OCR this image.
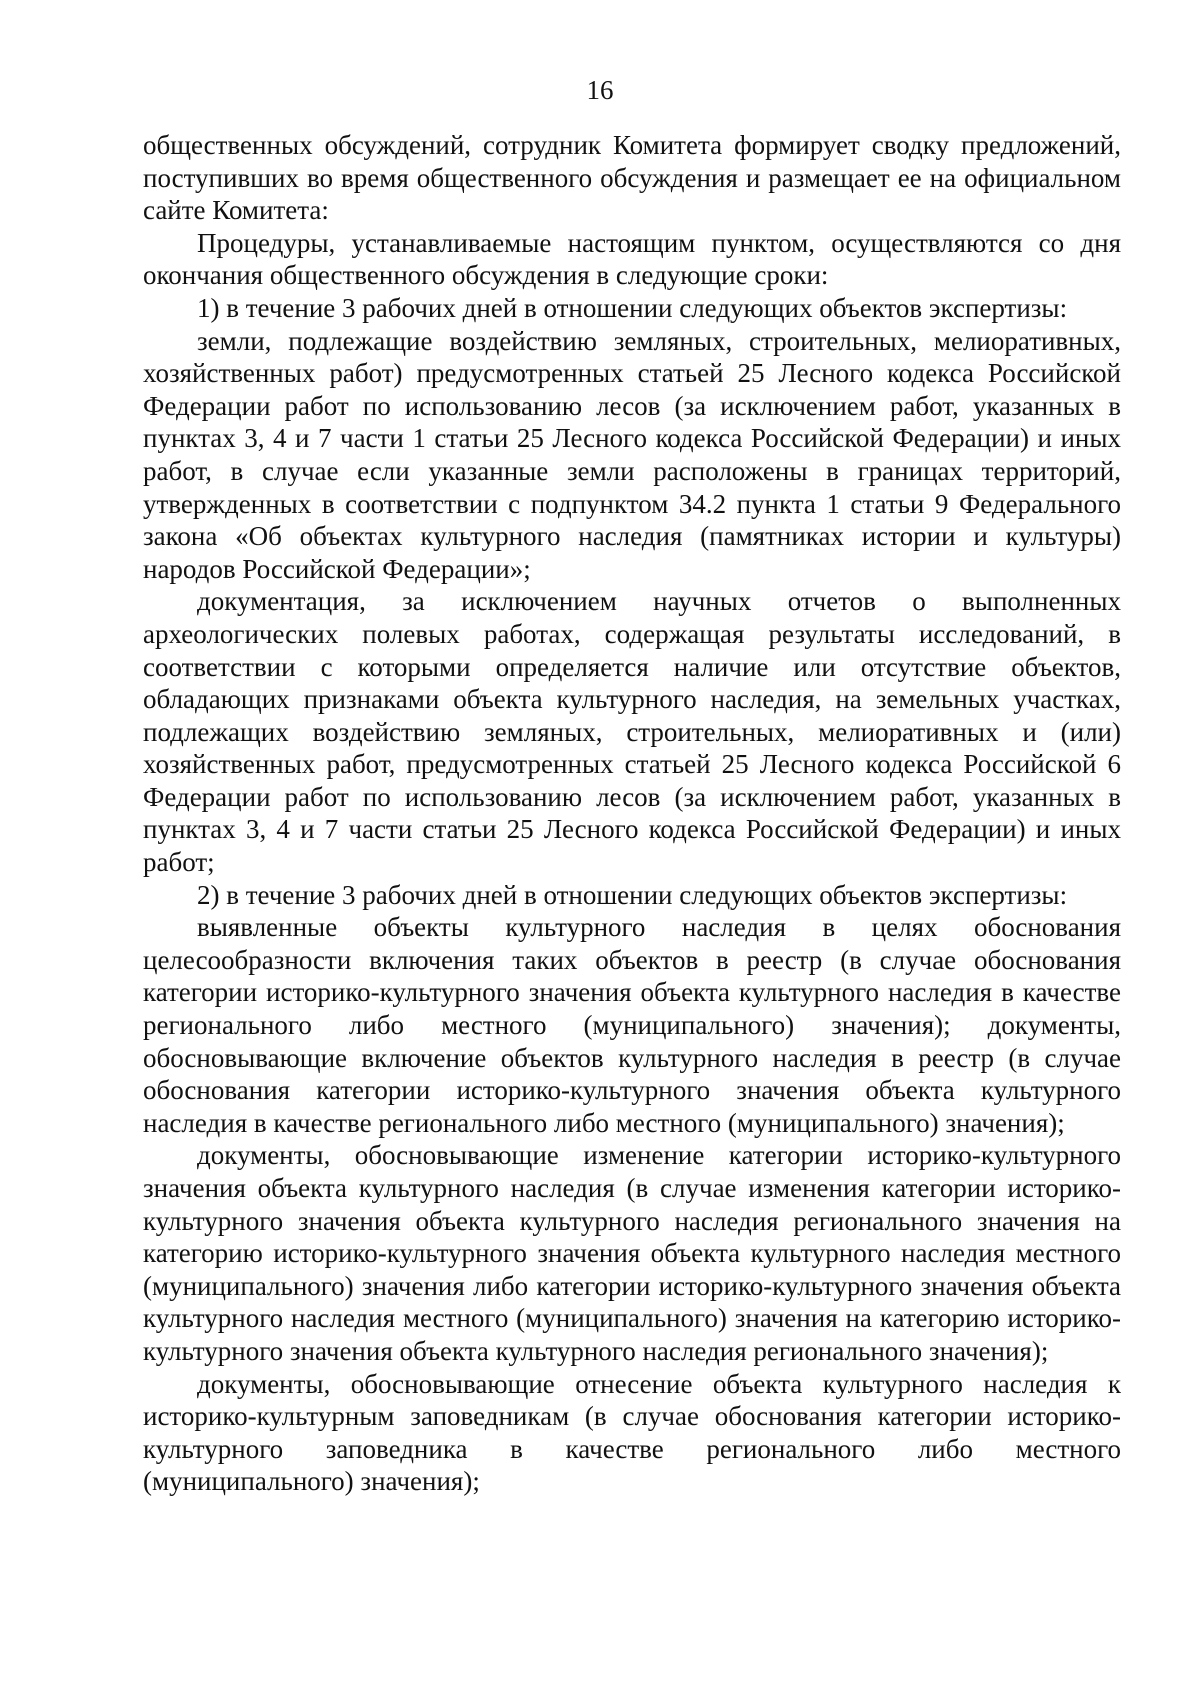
16

общественных обсуждений, сотрудник Комитета формирует сводку предложений, поступивших во время общественного обсуждения и размещает ее на официальном сайте Комитета:

Процедуры, устанавливаемые настоящим пунктом, осуществляются со дня окончания общественного обсуждения в следующие сроки:

1) в течение 3 рабочих дней в отношении следующих объектов экспертизы:

земли, подлежащие воздействию земляных, строительных, мелиоративных, хозяйственных работ) предусмотренных статьей 25 Лесного кодекса Российской Федерации работ по использованию лесов (за исключением работ, указанных в пунктах 3, 4 и 7 части 1 статьи 25 Лесного кодекса Российской Федерации) и иных работ, в случае если указанные земли расположены в границах территорий, утвержденных в соответствии с подпунктом 34.2 пункта 1 статьи 9 Федерального закона «Об объектах культурного наследия (памятниках истории и культуры) народов Российской Федерации»;

документация, за исключением научных отчетов о выполненных археологических полевых работах, содержащая результаты исследований, в соответствии с которыми определяется наличие или отсутствие объектов, обладающих признаками объекта культурного наследия, на земельных участках, подлежащих воздействию земляных, строительных, мелиоративных и (или) хозяйственных работ, предусмотренных статьей 25 Лесного кодекса Российской 6 Федерации работ по использованию лесов (за исключением работ, указанных в пунктах 3, 4 и 7 части статьи 25 Лесного кодекса Российской Федерации) и иных работ;

2) в течение 3 рабочих дней в отношении следующих объектов экспертизы:

выявленные объекты культурного наследия в целях обоснования целесообразности включения таких объектов в реестр (в случае обоснования категории историко-культурного значения объекта культурного наследия в качестве регионального либо местного (муниципального) значения); документы, обосновывающие включение объектов культурного наследия в реестр (в случае обоснования категории историко-культурного значения объекта культурного наследия в качестве регионального либо местного (муниципального) значения);

документы, обосновывающие изменение категории историко-культурного значения объекта культурного наследия (в случае изменения категории историко-культурного значения объекта культурного наследия регионального значения на категорию историко-культурного значения объекта культурного наследия местного (муниципального) значения либо категории историко-культурного значения объекта культурного наследия местного (муниципального) значения на категорию историко-культурного значения объекта культурного наследия регионального значения);

документы, обосновывающие отнесение объекта культурного наследия к историко-культурным заповедникам (в случае обоснования категории историко-культурного заповедника в качестве регионального либо местного (муниципального) значения);
